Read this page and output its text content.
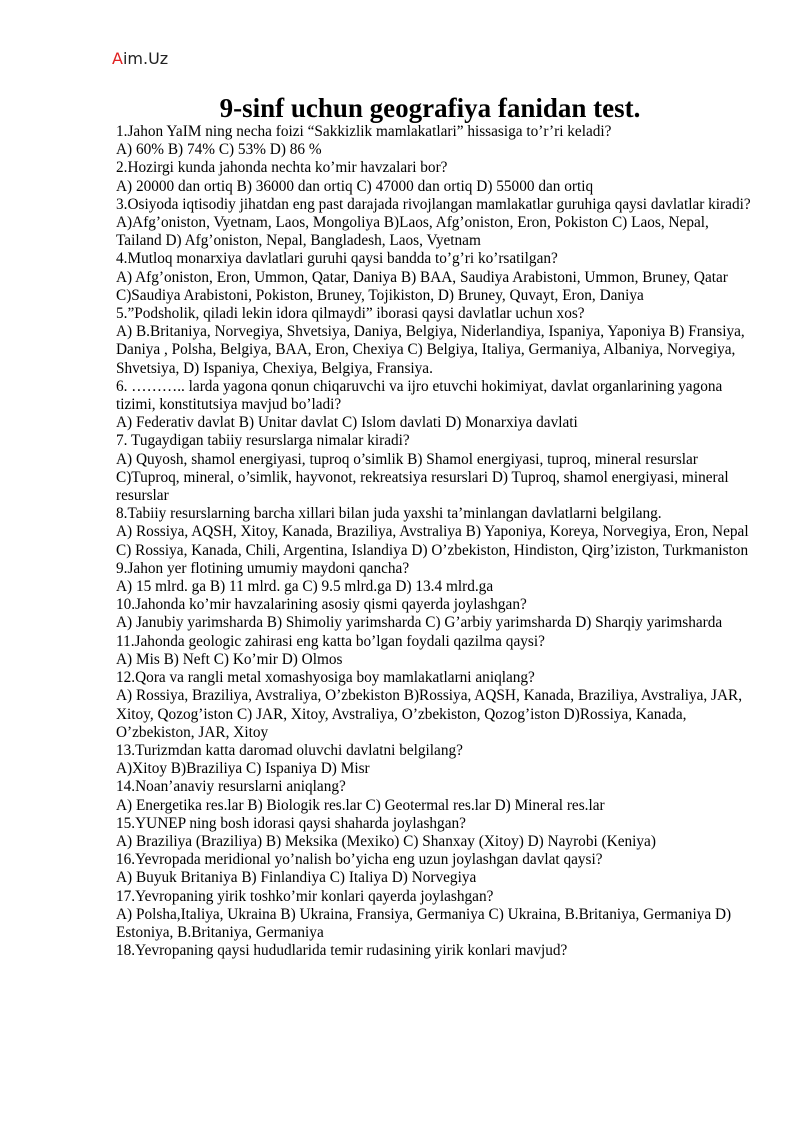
Aim.Uz
9-sinf uchun geografiya fanidan test.

1.Jahon YaIM ning necha foizi “Sakkizlik mamlakatlari” hissasiga to’r’ri keladi?

A) 60% B) 74% C) 53% D) 86 %

2.Hozirgi kunda jahonda nechta ko’mir havzalari bor?

A) 20000 dan ortiq B) 36000 dan ortiq C) 47000 dan ortiq D) 55000 dan ortiq

3.Osiyoda iqtisodiy jihatdan eng past darajada rivojlangan mamlakatlar guruhiga qaysi davlatlar kiradi?

A)Afg’oniston, Vyetnam, Laos, Mongoliya B)Laos, Afg’oniston, Eron, Pokiston C) Laos, Nepal, Tailand D) Afg’oniston, Nepal, Bangladesh, Laos, Vyetnam

4.Mutloq monarxiya davlatlari guruhi qaysi bandda to’g’ri ko’rsatilgan?

A) Afg’oniston, Eron, Ummon, Qatar, Daniya B) BAA, Saudiya Arabistoni, Ummon, Bruney, Qatar C)Saudiya Arabistoni, Pokiston, Bruney, Tojikiston, D) Bruney, Quvayt, Eron, Daniya

5.”Podsholik, qiladi lekin idora qilmaydi” iborasi qaysi davlatlar uchun xos?

A) B.Britaniya, Norvegiya, Shvetsiya, Daniya, Belgiya, Niderlandiya, Ispaniya, Yaponiya B) Fransiya, Daniya , Polsha, Belgiya, BAA, Eron, Chexiya C) Belgiya, Italiya, Germaniya, Albaniya, Norvegiya, Shvetsiya, D) Ispaniya, Chexiya, Belgiya, Fransiya.

6. ……….. larda yagona qonun chiqaruvchi va ijro etuvchi hokimiyat, davlat organlarining yagona tizimi, konstitutsiya mavjud bo’ladi?

A) Federativ davlat B) Unitar davlat C) Islom davlati D) Monarxiya davlati

7. Tugaydigan tabiiy resurslarga nimalar kiradi?

A) Quyosh, shamol energiyasi, tuproq o’simlik B) Shamol energiyasi, tuproq, mineral resurslar C)Tuproq, mineral, o’simlik, hayvonot, rekreatsiya resurslari D) Tuproq, shamol energiyasi, mineral resurslar

8.Tabiiy resurslarning barcha xillari bilan juda yaxshi ta’minlangan davlatlarni belgilang.

A) Rossiya, AQSH, Xitoy, Kanada, Braziliya, Avstraliya B) Yaponiya, Koreya, Norvegiya, Eron, Nepal C) Rossiya, Kanada, Chili, Argentina, Islandiya D) O’zbekiston, Hindiston, Qirg’iziston, Turkmaniston

9.Jahon yer flotining umumiy maydoni qancha?

A) 15 mlrd. ga B) 11 mlrd. ga C) 9.5 mlrd.ga D) 13.4 mlrd.ga

10.Jahonda ko’mir havzalarining asosiy qismi qayerda joylashgan?

A) Janubiy yarimsharda B) Shimoliy yarimsharda C) G’arbiy yarimsharda D) Sharqiy yarimsharda

11.Jahonda geologic zahirasi eng katta bo’lgan foydali qazilma qaysi?

A) Mis B) Neft C) Ko’mir D) Olmos

12.Qora va rangli metal xomashyosiga boy mamlakatlarni aniqlang?

A) Rossiya, Braziliya, Avstraliya, O’zbekiston B)Rossiya, AQSH, Kanada, Braziliya, Avstraliya, JAR, Xitoy, Qozog’iston C) JAR, Xitoy, Avstraliya, O’zbekiston, Qozog’iston D)Rossiya, Kanada, O’zbekiston, JAR, Xitoy

13.Turizmdan katta daromad oluvchi davlatni belgilang?

A)Xitoy B)Braziliya C) Ispaniya D) Misr

14.Noan’anaviy resurslarni aniqlang?

A) Energetika res.lar B) Biologik res.lar C) Geotermal res.lar D) Mineral res.lar

15.YUNEP ning bosh idorasi qaysi shaharda joylashgan?

A) Braziliya (Braziliya) B) Meksika (Mexiko) C) Shanxay (Xitoy) D) Nayrobi (Keniya)

16.Yevropada meridional yo’nalish bo’yicha eng uzun joylashgan davlat qaysi?

A) Buyuk Britaniya B) Finlandiya C) Italiya D) Norvegiya

17.Yevropaning yirik toshko’mir konlari qayerda joylashgan?

A) Polsha,Italiya, Ukraina B) Ukraina, Fransiya, Germaniya C) Ukraina, B.Britaniya, Germaniya D) Estoniya, B.Britaniya, Germaniya

18.Yevropaning qaysi hududlarida temir rudasining yirik konlari mavjud?
